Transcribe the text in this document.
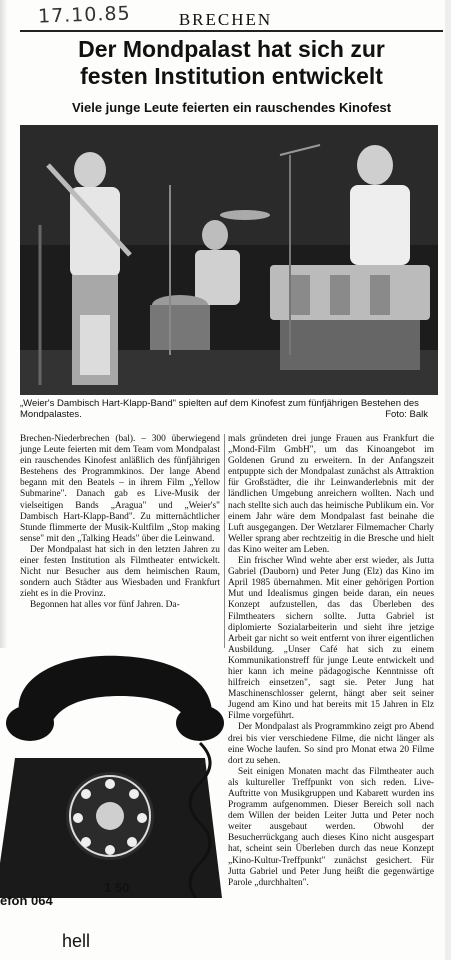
17.10.85	BRECHEN
Der Mondpalast hat sich zur
festen Institution entwickelt
Viele junge Leute feierten ein rauschendes Kinofest
„Weier's Dambisch Hart-Klapp-Band" spielten auf dem Kinofest zum fünfjährigen Bestehen des Mondpalastes.	Foto: Balk

Brechen-Niederbrechen (bal). – 300 überwiegend junge Leute feierten mit dem Team vom Mondpalast ein rauschendes Kinofest anläßlich des fünfjährigen Bestehens des Programmkinos. Der lange Abend begann mit den Beatels – in ihrem Film „Yellow Submarine". Danach gab es Live-Musik der vielseitigen Bands „Aragua" und „Weier's" Dambisch Hart-Klapp-Band". Zu mitternächtlicher Stunde flimmerte der Musik-Kultfilm „Stop making sense" mit den „Talking Heads" über die Leinwand.

Der Mondpalast hat sich in den letzten Jahren zu einer festen Institution als Filmtheater entwickelt. Nicht nur Besucher aus dem heimischen Raum, sondern auch Städter aus Wiesbaden und Frankfurt zieht es in die Provinz.

Begonnen hat alles vor fünf Jahren. Da-

mals gründeten drei junge Frauen aus Frankfurt die „Mond-Film GmbH", um das Kinoangebot im Goldenen Grund zu erweitern. In der Anfangszeit entpuppte sich der Mondpalast zunächst als Attraktion für Großstädter, die ihr Leinwanderlebnis mit der ländlichen Umgebung anreichern wollten. Nach und nach stellte sich auch das heimische Publikum ein. Vor einem Jahr wäre dem Mondpalast fast beinahe die Luft ausgegangen. Der Wetzlarer Filmemacher Charly Weller sprang aber rechtzeitig in die Bresche und hielt das Kino weiter am Leben.

Ein frischer Wind wehte aber erst wieder, als Jutta Gabriel (Dauborn) und Peter Jung (Elz) das Kino im April 1985 übernahmen. Mit einer gehörigen Portion Mut und Idealismus gingen beide daran, ein neues Konzept aufzustellen, das das Überleben des Filmtheaters sichern sollte. Jutta Gabriel ist diplomierte Sozialarbeiterin und sieht ihre jetzige Arbeit gar nicht so weit entfernt von ihrer eigentlichen Ausbildung. „Unser Café hat sich zu einem Kommunikationstreff für junge Leute entwickelt und hier kann ich meine pädagogische Kenntnisse oft hilfreich einsetzen", sagt sie. Peter Jung hat Maschinenschlosser gelernt, hängt aber seit seiner Jugend am Kino und hat bereits mit 15 Jahren in Elz Filme vorgeführt.

Der Mondpalast als Programmkino zeigt pro Abend drei bis vier verschiedene Filme, die nicht länger als eine Woche laufen. So sind pro Monat etwa 20 Filme dort zu sehen.

Seit einigen Monaten macht das Filmtheater auch als kultureller Treffpunkt von sich reden. Live-Auftritte von Musikgruppen und Kabarett wurden ins Programm aufgenommen. Dieser Bereich soll nach dem Willen der beiden Leiter Jutta und Peter noch weiter ausgebaut werden. Obwohl der Besucherrückgang auch dieses Kino nicht ausgespart hat, scheint sein Überleben durch das neue Konzept „Kino-Kultur-Treffpunkt" zunächst gesichert. Für Jutta Gabriel und Peter Jung heißt die gegenwärtige Parole „durchhalten".

efon 064
1 50
hell
